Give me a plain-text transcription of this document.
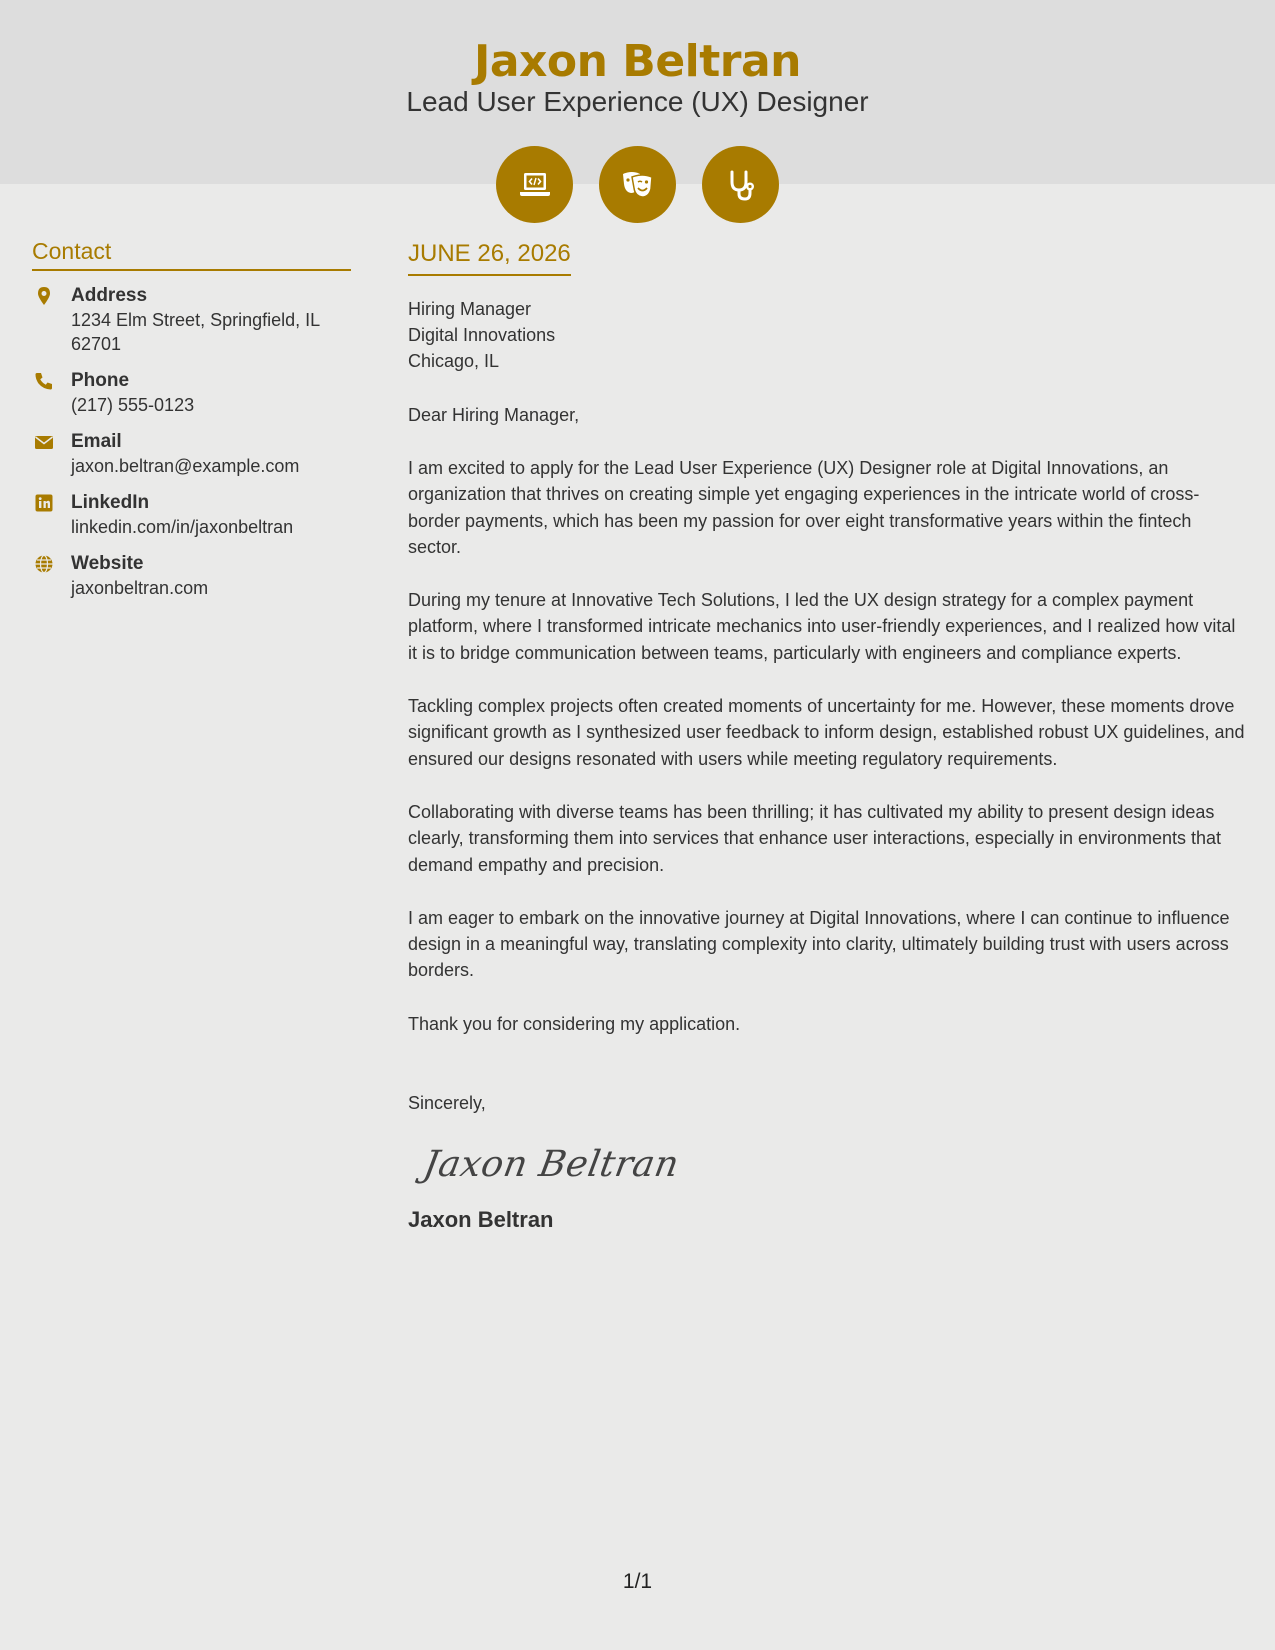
Jaxon Beltran
Lead User Experience (UX) Designer
Contact
Address
1234 Elm Street, Springfield, IL 62701
Phone
(217) 555-0123
Email
jaxon.beltran@example.com
LinkedIn
linkedin.com/in/jaxonbeltran
Website
jaxonbeltran.com
JUNE 26, 2026
Hiring Manager
Digital Innovations
Chicago, IL
Dear Hiring Manager,

I am excited to apply for the Lead User Experience (UX) Designer role at Digital Innovations, an organization that thrives on creating simple yet engaging experiences in the intricate world of cross-border payments, which has been my passion for over eight transformative years within the fintech sector.

During my tenure at Innovative Tech Solutions, I led the UX design strategy for a complex payment platform, where I transformed intricate mechanics into user-friendly experiences, and I realized how vital it is to bridge communication between teams, particularly with engineers and compliance experts.

Tackling complex projects often created moments of uncertainty for me. However, these moments drove significant growth as I synthesized user feedback to inform design, established robust UX guidelines, and ensured our designs resonated with users while meeting regulatory requirements.

Collaborating with diverse teams has been thrilling; it has cultivated my ability to present design ideas clearly, transforming them into services that enhance user interactions, especially in environments that demand empathy and precision.

I am eager to embark on the innovative journey at Digital Innovations, where I can continue to influence design in a meaningful way, translating complexity into clarity, ultimately building trust with users across borders.

Thank you for considering my application.

Sincerely,
Jaxon Beltran
Jaxon Beltran
1/1
